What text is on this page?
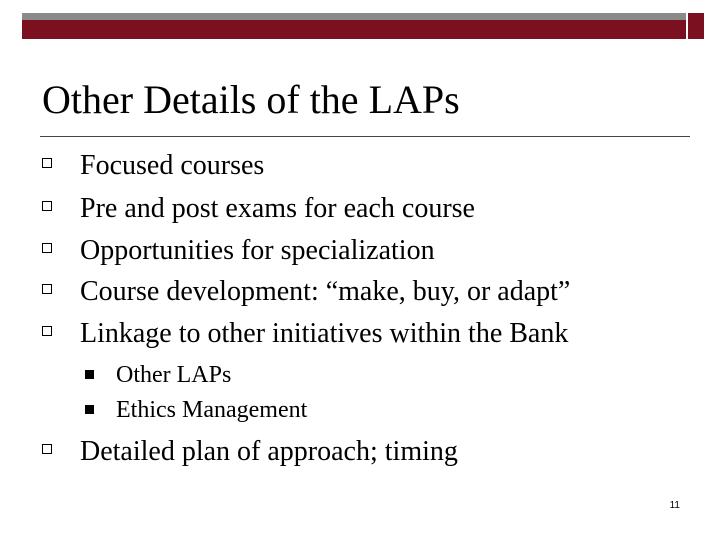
Other Details of the LAPs
Focused courses
Pre and post exams for each course
Opportunities for specialization
Course development: “make, buy, or adapt”
Linkage to other initiatives within the Bank
Other LAPs
Ethics Management
Detailed plan of approach; timing
11
